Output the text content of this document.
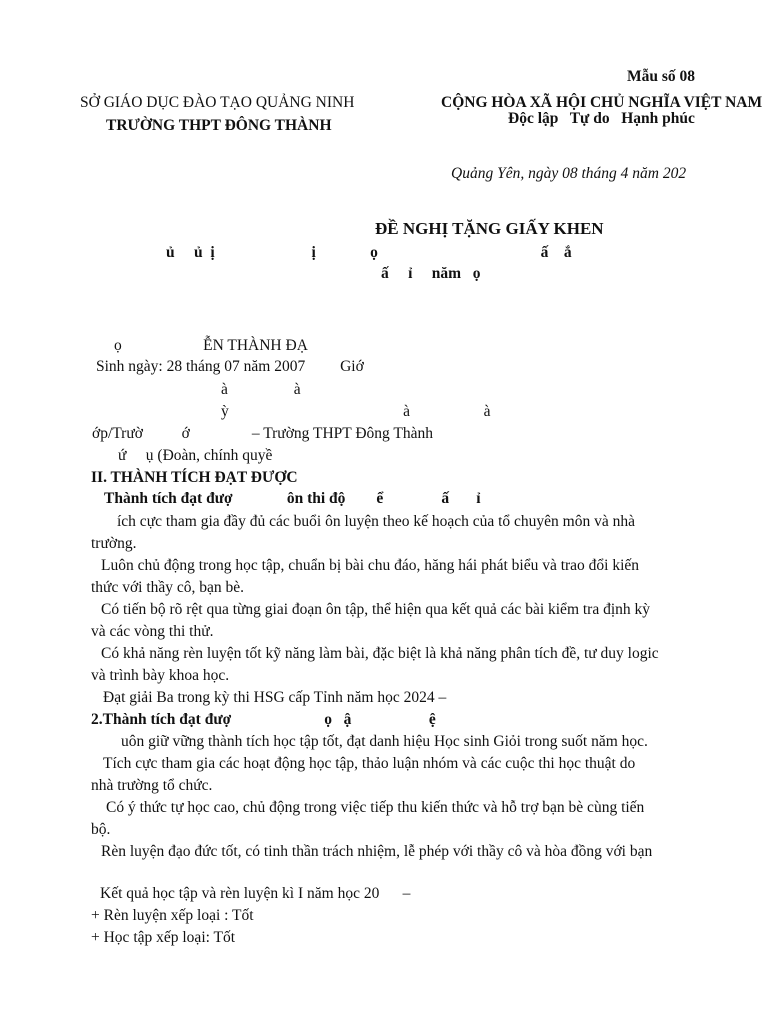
Mẫu số 08
SỞ GIÁO DỤC ĐÀO TẠO QUẢNG NINH	CỘNG HÒA XÃ HỘI CHỦ NGHĨA VIỆT NAM
TRƯỜNG THPT ĐÔNG THÀNH	Độc lập   Tự do   Hạnh phúc
Quảng Yên, ngày 08 tháng 4 năm 202
ĐỀ NGHỊ TẶNG GIẤY KHEN
ủ     ủ  ị                         ị              ọ                                          ấ    ắ
ấ     ỉ     năm   ọ
ọ                     ỄN THÀNH ĐẠ
Sinh ngày: 28 tháng 07 năm 2007         Giớ
à                 à
ỳ                                             à                   à
ớp/Trườ          ớ                – Trường THPT Đông Thành
ứ     ụ (Đoàn, chính quyề
II. THÀNH TÍCH ĐẠT ĐƯỢC
Thành tích đạt đượ              ôn thi độ        ể               ấ       ỉ
ích cực tham gia đầy đủ các buổi ôn luyện theo kế hoạch của tổ chuyên môn và nhà
trường.
Luôn chủ động trong học tập, chuẩn bị bài chu đáo, hăng hái phát biểu và trao đổi kiến
thức với thầy cô, bạn bè.
Có tiến bộ rõ rệt qua từng giai đoạn ôn tập, thể hiện qua kết quả các bài kiểm tra định kỳ
và các vòng thi thử.
Có khả năng rèn luyện tốt kỹ năng làm bài, đặc biệt là khả năng phân tích đề, tư duy logic
và trình bày khoa học.
Đạt giải Ba trong kỳ thi HSG cấp Tỉnh năm học 2024 –
2.Thành tích đạt đượ                        ọ   ậ                    ệ
uôn giữ vững thành tích học tập tốt, đạt danh hiệu Học sinh Giỏi trong suốt năm học.
Tích cực tham gia các hoạt động học tập, thảo luận nhóm và các cuộc thi học thuật do
nhà trường tổ chức.
Có ý thức tự học cao, chủ động trong việc tiếp thu kiến thức và hỗ trợ bạn bè cùng tiến
bộ.
Rèn luyện đạo đức tốt, có tinh thần trách nhiệm, lễ phép với thầy cô và hòa đồng với bạn
Kết quả học tập và rèn luyện kì I năm học 20      –
+ Rèn luyện xếp loại : Tốt
+ Học tập xếp loại: Tốt
